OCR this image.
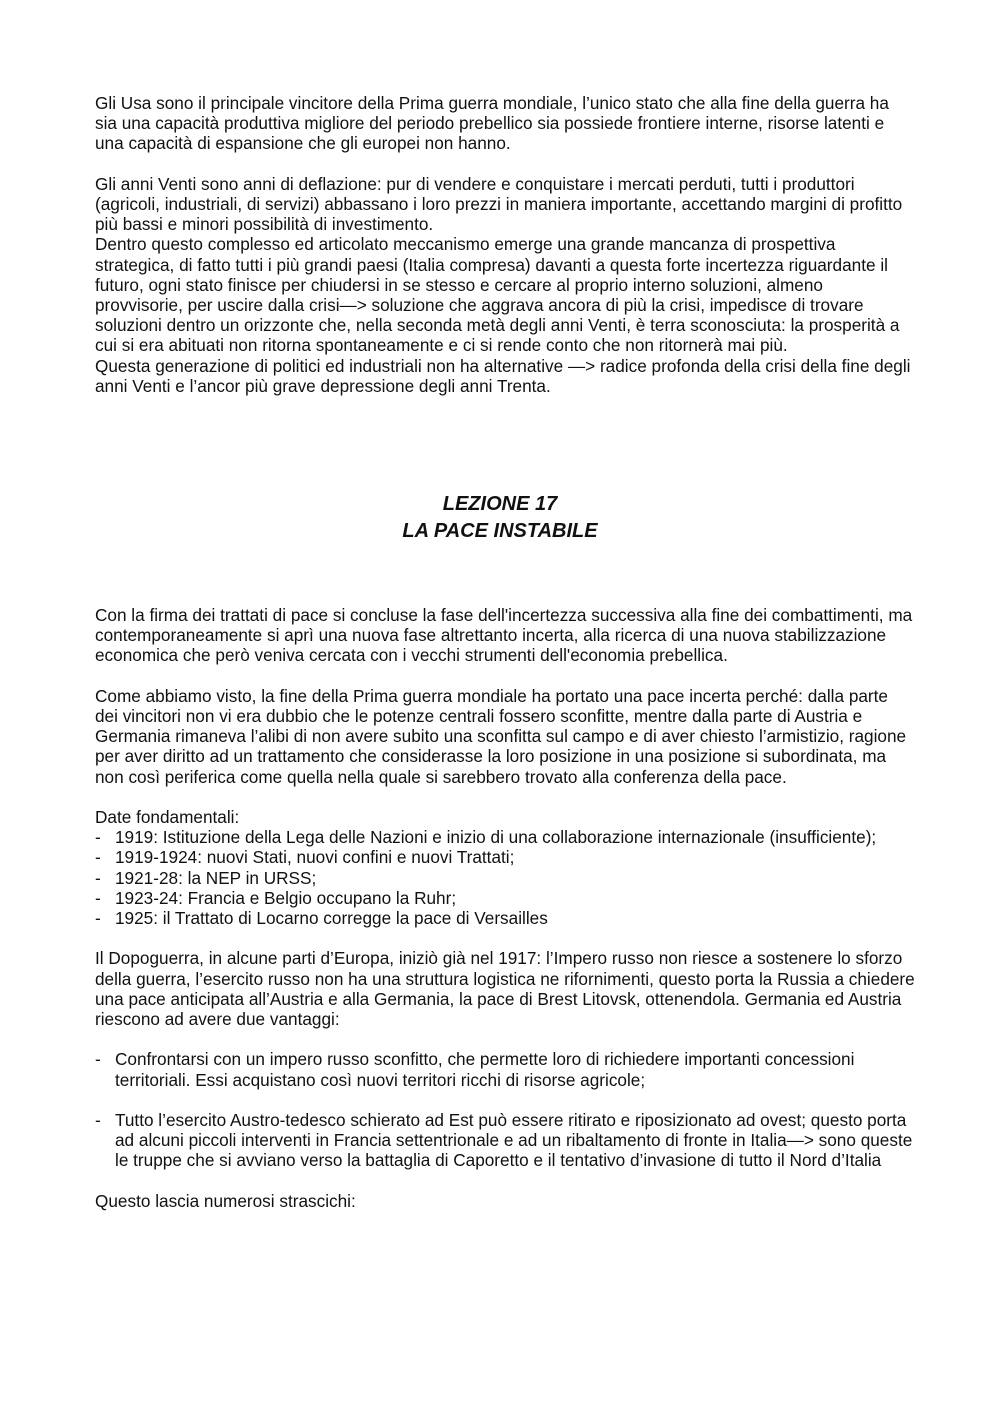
Gli Usa sono il principale vincitore della Prima guerra mondiale, l’unico stato che alla fine della guerra ha sia una capacità produttiva migliore del periodo prebellico sia possiede frontiere interne, risorse latenti e una capacità di espansione che gli europei non hanno.

Gli anni Venti sono anni di deflazione: pur di vendere e conquistare i mercati perduti, tutti i produttori (agricoli, industriali, di servizi) abbassano i loro prezzi in maniera importante, accettando margini di profitto più bassi e minori possibilità di investimento.

Dentro questo complesso ed articolato meccanismo emerge una grande mancanza di prospettiva strategica, di fatto tutti i più grandi paesi (Italia compresa) davanti a questa forte incertezza riguardante il futuro, ogni stato finisce per chiudersi in se stesso e cercare al proprio interno soluzioni, almeno provvisorie, per uscire dalla crisi—> soluzione che aggrava ancora di più la crisi, impedisce di trovare soluzioni dentro un orizzonte che, nella seconda metà degli anni Venti, è terra sconosciuta: la prosperità a cui si era abituati non ritorna spontaneamente e ci si rende conto che non ritornerà mai più.

Questa generazione di politici ed industriali non ha alternative —> radice profonda della crisi della fine degli anni Venti e l’ancor più grave depressione degli anni Trenta.

LEZIONE 17
LA PACE INSTABILE

Con la firma dei trattati di pace si concluse la fase dell'incertezza successiva alla fine dei combattimenti, ma contemporaneamente si aprì una nuova fase altrettanto incerta, alla ricerca di una nuova stabilizzazione economica che però veniva cercata con i vecchi strumenti dell'economia prebellica.

Come abbiamo visto, la fine della Prima guerra mondiale ha portato una pace incerta perché: dalla parte dei vincitori non vi era dubbio che le potenze centrali fossero sconfitte, mentre dalla parte di Austria e Germania rimaneva l’alibi di non avere subito una sconfitta sul campo e di aver chiesto l’armistizio, ragione per aver diritto ad un trattamento che considerasse la loro posizione in una posizione si subordinata, ma non così periferica come quella nella quale si sarebbero trovato alla conferenza della pace.

Date fondamentali:

- 1919: Istituzione della Lega delle Nazioni e inizio di una collaborazione internazionale (insufficiente);
- 1919-1924: nuovi Stati, nuovi confini e nuovi Trattati;
- 1921-28: la NEP in URSS;
- 1923-24: Francia e Belgio occupano la Ruhr;
- 1925: il Trattato di Locarno corregge la pace di Versailles

Il Dopoguerra, in alcune parti d’Europa, iniziò già nel 1917: l’Impero russo non riesce a sostenere lo sforzo della guerra, l’esercito russo non ha una struttura logistica ne rifornimenti, questo porta la Russia a chiedere una pace anticipata all’Austria e alla Germania, la pace di Brest Litovsk, ottenendola. Germania ed Austria riescono ad avere due vantaggi:

- Confrontarsi con un impero russo sconfitto, che permette loro di richiedere importanti concessioni territoriali. Essi acquistano così nuovi territori ricchi di risorse agricole;
- Tutto l’esercito Austro-tedesco schierato ad Est può essere ritirato e riposizionato ad ovest; questo porta ad alcuni piccoli interventi in Francia settentrionale e ad un ribaltamento di fronte in Italia—> sono queste le truppe che si avviano verso la battaglia di Caporetto e il tentativo d’invasione di tutto il Nord d’Italia

Questo lascia numerosi strascichi:
